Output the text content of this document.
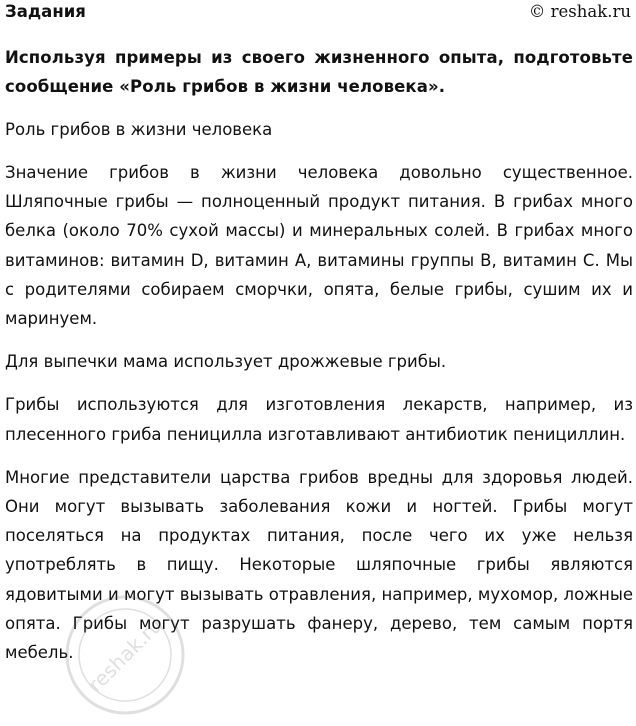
Задания	© reshak.ru
Используя примеры из своего жизненного опыта, подготовьте сообщение «Роль грибов в жизни человека».
Роль грибов в жизни человека
Значение грибов в жизни человека довольно существенное. Шляпочные грибы — полноценный продукт питания. В грибах много белка (около 70% сухой массы) и минеральных солей. В грибах много витаминов: витамин D, витамин А, витамины группы В, витамин С. Мы с родителями собираем сморчки, опята, белые грибы, сушим их и маринуем.
Для выпечки мама использует дрожжевые грибы.
Грибы используются для изготовления лекарств, например, из плесенного гриба пеницилла изготавливают антибиотик пенициллин.
Многие представители царства грибов вредны для здоровья людей. Они могут вызывать заболевания кожи и ногтей. Грибы могут поселяться на продуктах питания, после чего их уже нельзя употреблять в пищу. Некоторые шляпочные грибы являются ядовитыми и могут вызывать отравления, например, мухомор, ложные опята. Грибы могут разрушать фанеру, дерево, тем самым портя мебель. reshak.ru
